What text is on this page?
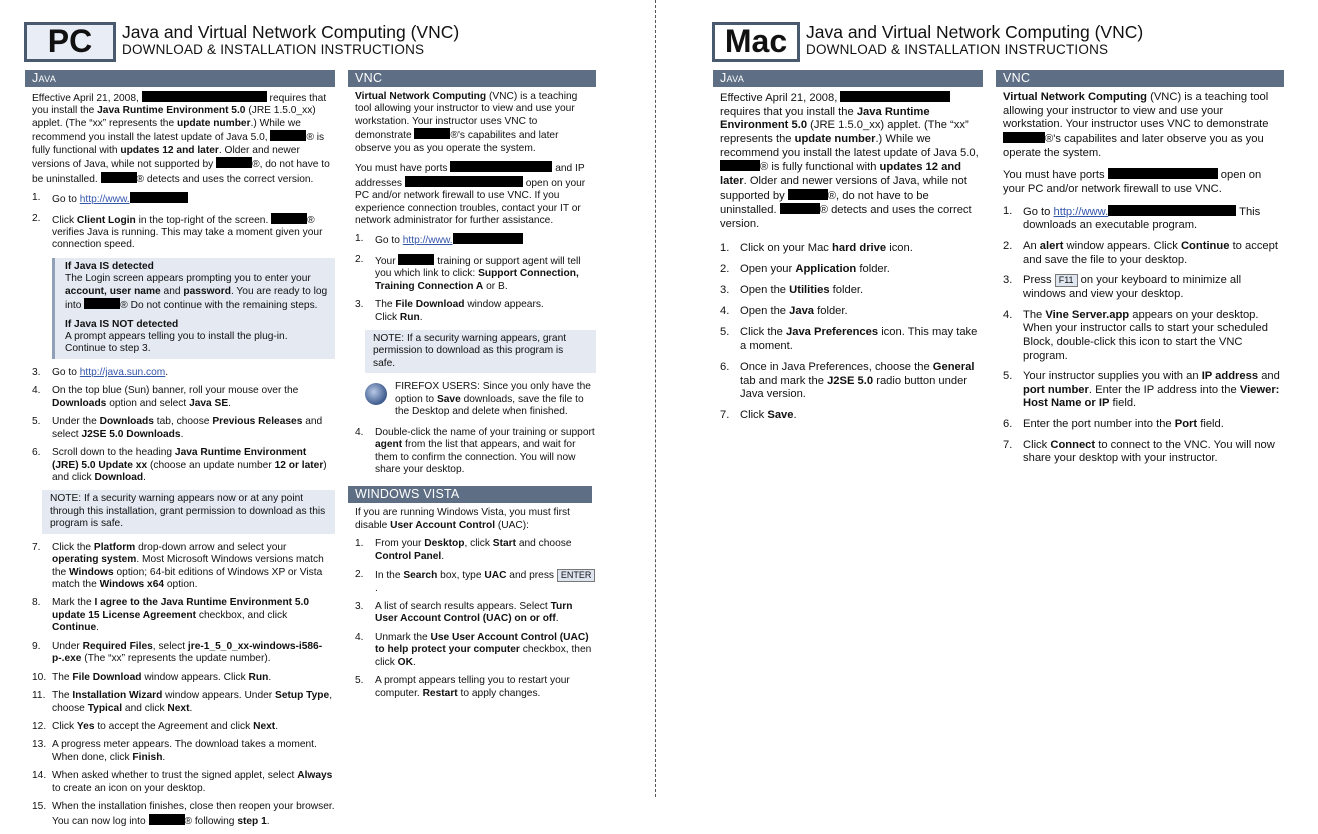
PC	Java and Virtual Network Computing (VNC)
DOWNLOAD & INSTALLATION INSTRUCTIONS
Java

Effective April 21, 2008,	requires that you install the Java Runtime Environment 5.0 (JRE 1.5.0_xx) applet. (The “xx” represents the update number.) While we recommend you install the latest update of Java 5.0,	® is fully functional with updates 12 and later. Older and newer versions of Java, while not supported by	®, do not have to be uninstalled.	® detects and uses the correct version.

1. Go to http://www.
2. Click Client Login in the top-right of the screen.	® verifies Java is running. This may take a moment given your connection speed.
If Java IS detected
The Login screen appears prompting you to enter your account, user name and password. You are ready to log into	® Do not continue with the remaining steps.
If Java IS NOT detected
A prompt appears telling you to install the plug-in. Continue to step 3.
3. Go to http://java.sun.com.
4. On the top blue (Sun) banner, roll your mouse over the Downloads option and select Java SE.
5. Under the Downloads tab, choose Previous Releases and select J2SE 5.0 Downloads.
6. Scroll down to the heading Java Runtime Environment (JRE) 5.0 Update xx (choose an update number 12 or later) and click Download.
NOTE: If a security warning appears now or at any point through this installation, grant permission to download as this program is safe.
7. Click the Platform drop-down arrow and select your operating system. Most Microsoft Windows versions match the Windows option; 64-bit editions of Windows XP or Vista match the Windows x64 option.
8. Mark the I agree to the Java Runtime Environment 5.0 update 15 License Agreement checkbox, and click Continue.
9. Under Required Files, select jre-1_5_0_xx-windows-i586-p-.exe (The “xx” represents the update number).
10. The File Download window appears. Click Run.
11. The Installation Wizard window appears. Under Setup Type, choose Typical and click Next.
12. Click Yes to accept the Agreement and click Next.
13. A progress meter appears. The download takes a moment. When done, click Finish.
14. When asked whether to trust the signed applet, select Always to create an icon on your desktop.
15. When the installation finishes, close then reopen your browser. You can now log into	® following step 1.
VNC

Virtual Network Computing (VNC) is a teaching tool allowing your instructor to view and use your workstation. Your instructor uses VNC to demonstrate	®'s capabilites and later observe you as you operate the system.

You must have ports	and IP addresses	open on your PC and/or network firewall to use VNC. If you experience connection troubles, contact your IT or network administrator for further assistance.

1. Go to http://www.
2. Your	training or support agent will tell you which link to click: Support Connection, Training Connection A or B.
3. The File Download window appears.
Click Run.
NOTE: If a security warning appears, grant permission to download as this program is safe.
FIREFOX USERS: Since you only have the option to Save downloads, save the file to the Desktop and delete when finished.
4. Double-click the name of your training or support agent from the list that appears, and wait for them to confirm the connection. You will now share your desktop.
WINDOWS VISTA

If you are running Windows Vista, you must first disable User Account Control (UAC):

1. From your Desktop, click Start and choose Control Panel.
2. In the Search box, type UAC and press ENTER.
3. A list of search results appears. Select Turn User Account Control (UAC) on or off.
4. Unmark the Use User Account Control (UAC) to help protect your computer checkbox, then click OK.
5. A prompt appears telling you to restart your computer. Restart to apply changes.
Mac	Java and Virtual Network Computing (VNC)
DOWNLOAD & INSTALLATION INSTRUCTIONS
Java

Effective April 21, 2008,  requires that you install the Java Runtime Environment 5.0 (JRE 1.5.0_xx) applet. (The “xx” represents the update number.) While we recommend you install the latest update of Java 5.0, ® is fully functional with updates 12 and later. Older and newer versions of Java, while not supported by	®, do not have to be uninstalled.	® detects and uses the correct version.

1. Click on your Mac hard drive icon.
2. Open your Application folder.
3. Open the Utilities folder.
4. Open the Java folder.
5. Click the Java Preferences icon. This may take a moment.
6. Once in Java Preferences, choose the General tab and mark the J2SE 5.0 radio button under Java version.
7. Click Save.
VNC

Virtual Network Computing (VNC) is a teaching tool allowing your instructor to view and use your workstation. Your instructor uses VNC to demonstrate ®'s capabilites and later observe you as you operate the system.

You must have ports	open on your PC and/or network firewall to use VNC.

1. Go to http://www.	This downloads an executable program.
2. An alert window appears. Click Continue to accept and save the file to your desktop.
3. Press F11 on your keyboard to minimize all windows and view your desktop.
4. The Vine Server.app appears on your desktop. When your instructor calls to start your scheduled Block, double-click this icon to start the VNC program.
5. Your instructor supplies you with an IP address and port number. Enter the IP address into the Viewer: Host Name or IP field.
6. Enter the port number into the Port field.
7. Click Connect to connect to the VNC. You will now share your desktop with your instructor.
